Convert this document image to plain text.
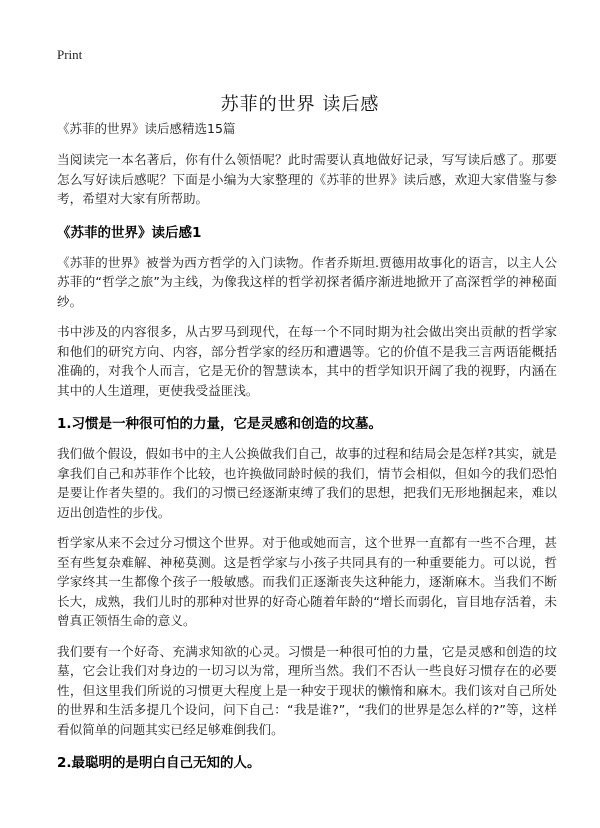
Print
苏菲的世界 读后感
《苏菲的世界》读后感精选15篇

当阅读完一本名著后，你有什么领悟呢？此时需要认真地做好记录，写写读后感了。那要怎么写好读后感呢？下面是小编为大家整理的《苏菲的世界》读后感，欢迎大家借鉴与参考，希望对大家有所帮助。

《苏菲的世界》读后感1

《苏菲的世界》被誉为西方哲学的入门读物。作者乔斯坦.贾德用故事化的语言，以主人公苏菲的“哲学之旅”为主线，为像我这样的哲学初探者循序渐进地掀开了高深哲学的神秘面纱。

书中涉及的内容很多，从古罗马到现代，在每一个不同时期为社会做出突出贡献的哲学家和他们的研究方向、内容，部分哲学家的经历和遭遇等。它的价值不是我三言两语能概括准确的，对我个人而言，它是无价的智慧读本，其中的哲学知识开阔了我的视野，内涵在其中的人生道理，更使我受益匪浅。

1.习惯是一种很可怕的力量，它是灵感和创造的坟墓。

我们做个假设，假如书中的主人公换做我们自己，故事的过程和结局会是怎样?其实，就是拿我们自己和苏菲作个比较，也许换做同龄时候的我们，情节会相似，但如今的我们恐怕是要让作者失望的。我们的习惯已经逐渐束缚了我们的思想，把我们无形地捆起来，难以迈出创造性的步伐。

哲学家从来不会过分习惯这个世界。对于他或她而言，这个世界一直都有一些不合理，甚至有些复杂难解、神秘莫测。这是哲学家与小孩子共同具有的一种重要能力。可以说，哲学家终其一生都像个孩子一般敏感。而我们正逐渐丧失这种能力，逐渐麻木。当我们不断长大，成熟，我们儿时的那种对世界的好奇心随着年龄的“增长而弱化，盲目地存活着，未曾真正领悟生命的意义。

我们要有一个好奇、充满求知欲的心灵。习惯是一种很可怕的力量，它是灵感和创造的坟墓，它会让我们对身边的一切习以为常，理所当然。我们不否认一些良好习惯存在的必要性，但这里我们所说的习惯更大程度上是一种安于现状的懒惰和麻木。我们该对自己所处的世界和生活多提几个设问，问下自己：“我是谁?”，“我们的世界是怎么样的?”等，这样看似简单的问题其实已经足够难倒我们。

2.最聪明的是明白自己无知的人。
